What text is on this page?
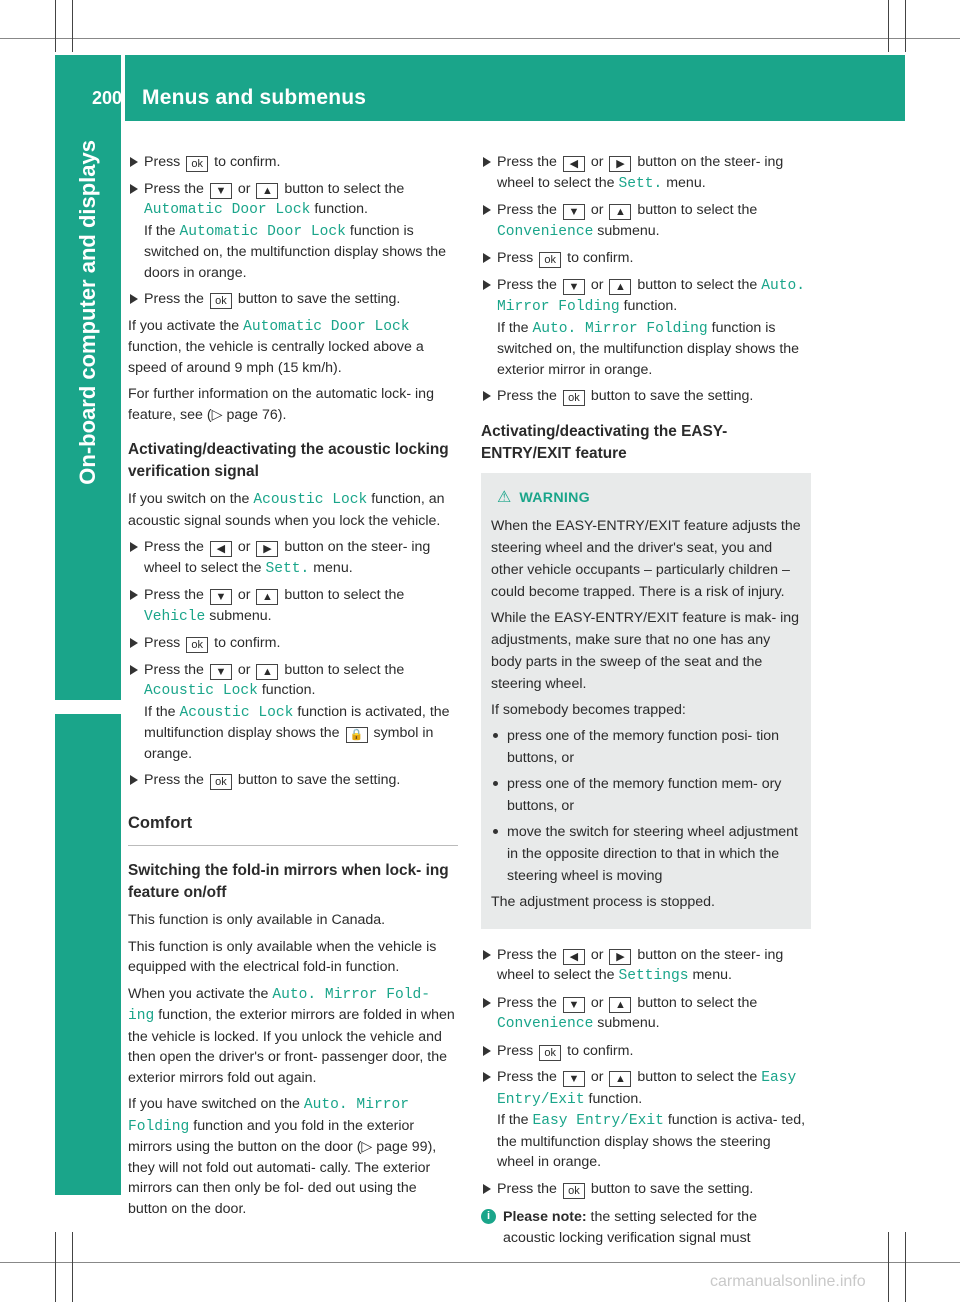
200 Menus and submenus
On-board computer and displays	Press ok to confirm.
Press the ▼ or ▲ button to select the Automatic Door Lock function.
If the Automatic Door Lock function is switched on, the multifunction display shows the doors in orange.
Press the ok button to save the setting.

If you activate the Automatic Door Lock function, the vehicle is centrally locked above a speed of around 9 mph (15 km/h).

For further information on the automatic lock- ing feature, see (▷ page 76).

Activating/deactivating the acoustic locking verification signal

If you switch on the Acoustic Lock function, an acoustic signal sounds when you lock the vehicle.

Press the ◀ or ▶ button on the steer- ing wheel to select the Sett. menu.
Press the ▼ or ▲ button to select the Vehicle submenu.
Press ok to confirm.
Press the ▼ or ▲ button to select the Acoustic Lock function.
If the Acoustic Lock function is activated, the multifunction display shows the 🔒 symbol in orange.
Press the ok button to save the setting.
Comfort
Switching the fold-in mirrors when lock- ing feature on/off

This function is only available in Canada.

This function is only available when the vehicle is equipped with the electrical fold-in function.

When you activate the Auto. Mirror Fold‐ ing function, the exterior mirrors are folded in when the vehicle is locked. If you unlock the vehicle and then open the driver's or front- passenger door, the exterior mirrors fold out again.

If you have switched on the Auto. Mirror Folding function and you fold in the exterior mirrors using the button on the door (▷ page 99), they will not fold out automati- cally. The exterior mirrors can then only be fol- ded out using the button on the door.

Press the ◀ or ▶ button on the steer- ing wheel to select the Sett. menu.
Press the ▼ or ▲ button to select the Convenience submenu.
Press ok to confirm.
Press the ▼ or ▲ button to select the Auto. Mirror Folding function.
If the Auto. Mirror Folding function is switched on, the multifunction display shows the exterior mirror in orange.
Press the ok button to save the setting.
Activating/deactivating the EASY- ENTRY/EXIT feature
⚠ WARNING

When the EASY-ENTRY/EXIT feature adjusts the steering wheel and the driver's seat, you and other vehicle occupants – particularly children – could become trapped. There is a risk of injury.

While the EASY-ENTRY/EXIT feature is mak- ing adjustments, make sure that no one has any body parts in the sweep of the seat and the steering wheel.

If somebody becomes trapped:

press one of the memory function posi- tion buttons, or
press one of the memory function mem- ory buttons, or
move the switch for steering wheel adjustment in the opposite direction to that in which the steering wheel is moving

The adjustment process is stopped.

Press the ◀ or ▶ button on the steer- ing wheel to select the Settings menu.
Press the ▼ or ▲ button to select the Convenience submenu.
Press ok to confirm.
Press the ▼ or ▲ button to select the Easy Entry/Exit function.
If the Easy Entry/Exit function is activa- ted, the multifunction display shows the steering wheel in orange.
Press the ok button to save the setting.
i Please note: the setting selected for the acoustic locking verification signal must
carmanualsonline.info
